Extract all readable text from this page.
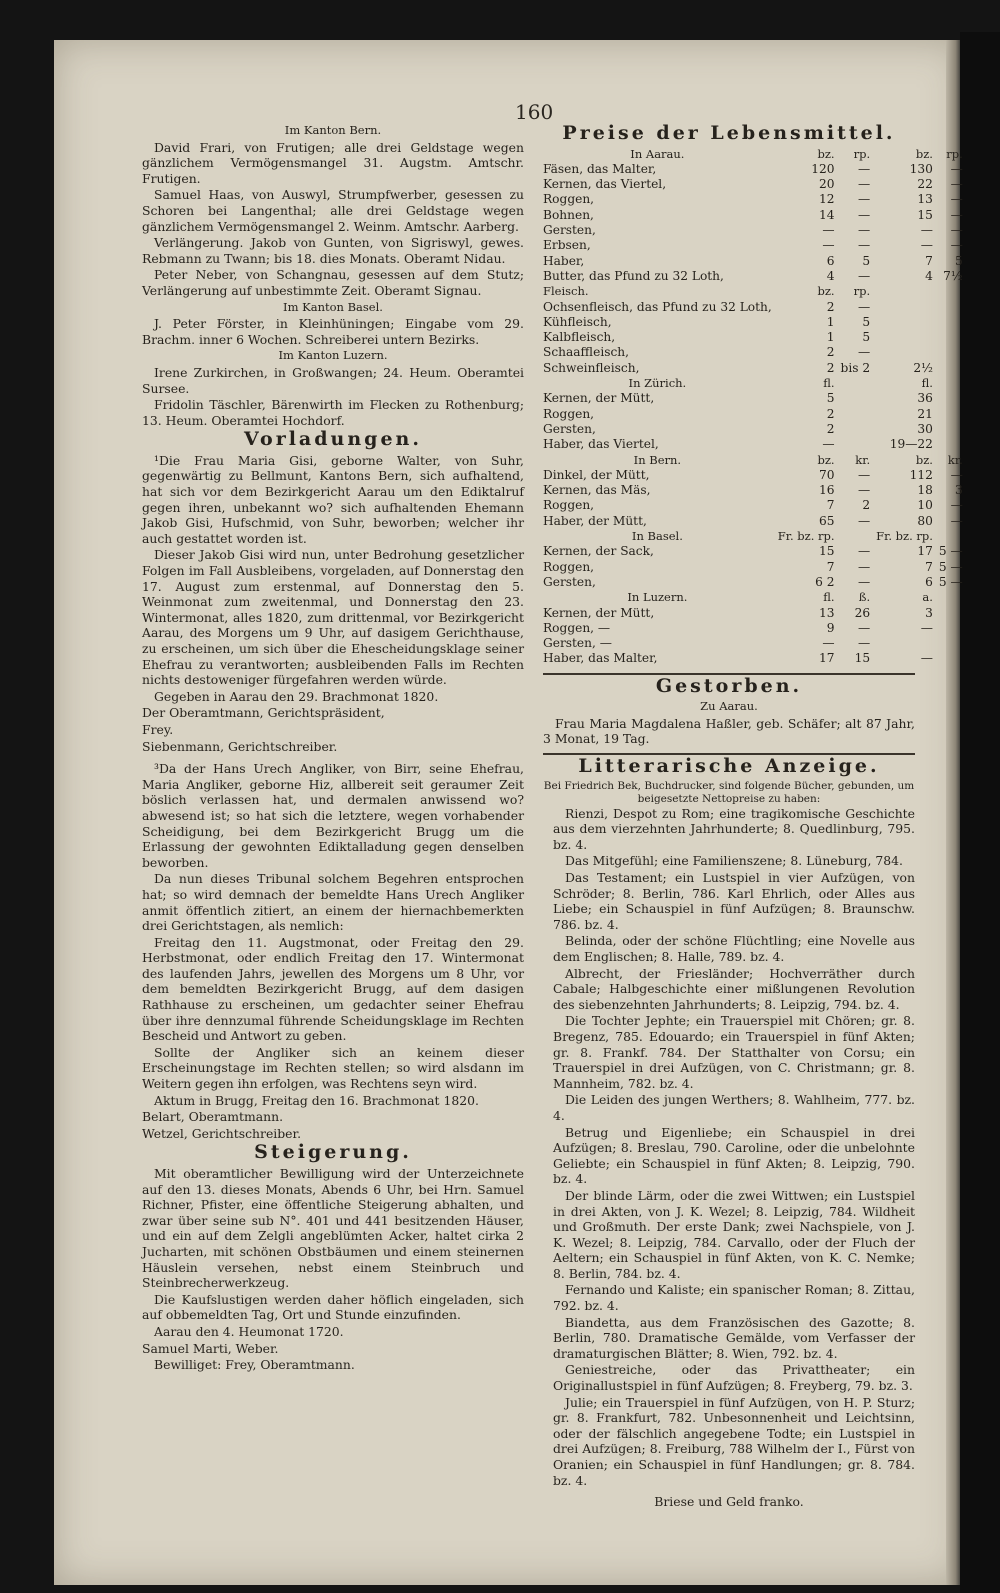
160
Im Kanton Bern.

David Frari, von Frutigen; alle drei Geldstage wegen gänzlichem Vermögensmangel 31. Augstm. Amtschr. Frutigen.

Samuel Haas, von Auswyl, Strumpfwerber, gesessen zu Schoren bei Langenthal; alle drei Geldstage wegen gänzlichem Vermögensmangel 2. Weinm. Amtschr. Aarberg.

Verlängerung. Jakob von Gunten, von Sigriswyl, gewes. Rebmann zu Twann; bis 18. dies Monats. Oberamt Nidau.

Peter Neber, von Schangnau, gesessen auf dem Stutz; Verlängerung auf unbestimmte Zeit. Oberamt Signau.

Im Kanton Basel.

J. Peter Förster, in Kleinhüningen; Eingabe vom 29. Brachm. inner 6 Wochen. Schreiberei untern Bezirks.

Im Kanton Luzern.

Irene Zurkirchen, in Großwangen; 24. Heum. Oberamtei Sursee.

Fridolin Täschler, Bärenwirth im Flecken zu Rothenburg; 13. Heum. Oberamtei Hochdorf.

Vorladungen.

¹Die Frau Maria Gisi, geborne Walter, von Suhr, gegenwärtig zu Bellmunt, Kantons Bern, sich aufhaltend, hat sich vor dem Bezirkgericht Aarau um den Ediktalruf gegen ihren, unbekannt wo? sich aufhaltenden Ehemann Jakob Gisi, Hufschmid, von Suhr, beworben; welcher ihr auch gestattet worden ist.

Dieser Jakob Gisi wird nun, unter Bedrohung gesetzlicher Folgen im Fall Ausbleibens, vorgeladen, auf Donnerstag den 17. August zum erstenmal, auf Donnerstag den 5. Weinmonat zum zweitenmal, und Donnerstag den 23. Wintermonat, alles 1820, zum drittenmal, vor Bezirkgericht Aarau, des Morgens um 9 Uhr, auf dasigem Gerichthause, zu erscheinen, um sich über die Ehescheidungsklage seiner Ehefrau zu verantworten; ausbleibenden Falls im Rechten nichts destoweniger fürgefahren werden würde.

Gegeben in Aarau den 29. Brachmonat 1820.

Der Oberamtmann, Gerichtspräsident,

Frey.

Siebenmann, Gerichtschreiber.

³Da der Hans Urech Angliker, von Birr, seine Ehefrau, Maria Angliker, geborne Hiz, allbereit seit geraumer Zeit böslich verlassen hat, und dermalen anwissend wo? abwesend ist; so hat sich die letztere, wegen vorhabender Scheidigung, bei dem Bezirkgericht Brugg um die Erlassung der gewohnten Ediktalladung gegen denselben beworben.

Da nun dieses Tribunal solchem Begehren entsprochen hat; so wird demnach der bemeldte Hans Urech Angliker anmit öffentlich zitiert, an einem der hiernachbemerkten drei Gerichtstagen, als nemlich:

Freitag den 11. Augstmonat, oder Freitag den 29. Herbstmonat, oder endlich Freitag den 17. Wintermonat des laufenden Jahrs, jewellen des Morgens um 8 Uhr, vor dem bemeldten Bezirkgericht Brugg, auf dem dasigen Rathhause zu erscheinen, um gedachter seiner Ehefrau über ihre dennzumal führende Scheidungsklage im Rechten Bescheid und Antwort zu geben.

Sollte der Angliker sich an keinem dieser Erscheinungstage im Rechten stellen; so wird alsdann im Weitern gegen ihn erfolgen, was Rechtens seyn wird.

Aktum in Brugg, Freitag den 16. Brachmonat 1820.

Belart, Oberamtmann.

Wetzel, Gerichtschreiber.

Steigerung.

Mit oberamtlicher Bewilligung wird der Unterzeichnete auf den 13. dieses Monats, Abends 6 Uhr, bei Hrn. Samuel Richner, Pfister, eine öffentliche Steigerung abhalten, und zwar über seine sub N°. 401 und 441 besitzenden Häuser, und ein auf dem Zelgli angeblümten Acker, haltet cirka 2 Jucharten, mit schönen Obstbäumen und einem steinernen Häuslein versehen, nebst einem Steinbruch und Steinbrecherwerkzeug.

Die Kaufslustigen werden daher höflich eingeladen, sich auf obbemeldten Tag, Ort und Stunde einzufinden.

Aarau den 4. Heumonat 1720.

Samuel Marti, Weber.

Bewilliget: Frey, Oberamtmann.

Preise der Lebensmittel.
In Aarau.	bz.	rp.	bz.	rp.
Fäsen, das Malter,	120	—	130	—
Kernen, das Viertel,	20	—	22	—
Roggen,	12	—	13	—
Bohnen,	14	—	15	—
Gersten,	—	—	—	—
Erbsen,	—	—	—	—
Haber,	6	5	7	5
Butter, das Pfund zu 32 Loth,	4	—	4	7½
Fleisch.	bz.	rp.		
Ochsenfleisch, das Pfund zu 32 Loth,	2	—		
Kühfleisch,	1	5		
Kalbfleisch,	1	5		
Schaaffleisch,	2	—		
Schweinfleisch,	2	bis 2	2½	
In Zürich.	fl.		fl.	
Kernen, der Mütt,	5		36	
Roggen,	2		21	
Gersten,	2		30	
Haber, das Viertel,	—		19—22	
In Bern.	bz.	kr.	bz.	kr.
Dinkel, der Mütt,	70	—	112	—
Kernen, das Mäs,	16	—	18	3
Roggen,	7	2	10	—
Haber, der Mütt,	65	—	80	—
In Basel.	Fr. bz. rp.		Fr. bz. rp.	
Kernen, der Sack,	15	—	17	5 —
Roggen,	7	—	7	5 —
Gersten,	6 2	—	6	5 —
In Luzern.	fl.	ß.	a.	
Kernen, der Mütt,	13	26	3	
Roggen, —	9	—	—	
Gersten, —	—	—		
Haber, das Malter,	17	15	—	
Gestorben.
Zu Aarau.

Frau Maria Magdalena Haßler, geb. Schäfer; alt 87 Jahr, 3 Monat, 19 Tag.

Litterarische Anzeige.
Bei Friedrich Bek, Buchdrucker, sind folgende Bücher, gebunden, um beigesetzte Nettopreise zu haben:

Rienzi, Despot zu Rom; eine tragikomische Geschichte aus dem vierzehnten Jahrhunderte; 8. Quedlinburg, 795. bz. 4.

Das Mitgefühl; eine Familienszene; 8. Lüneburg, 784.

Das Testament; ein Lustspiel in vier Aufzügen, von Schröder; 8. Berlin, 786. Karl Ehrlich, oder Alles aus Liebe; ein Schauspiel in fünf Aufzügen; 8. Braunschw. 786. bz. 4.

Belinda, oder der schöne Flüchtling; eine Novelle aus dem Englischen; 8. Halle, 789. bz. 4.

Albrecht, der Friesländer; Hochverräther durch Cabale; Halbgeschichte einer mißlungenen Revolution des siebenzehnten Jahrhunderts; 8. Leipzig, 794. bz. 4.

Die Tochter Jephte; ein Trauerspiel mit Chören; gr. 8. Bregenz, 785. Edouardo; ein Trauerspiel in fünf Akten; gr. 8. Frankf. 784. Der Statthalter von Corsu; ein Trauerspiel in drei Aufzügen, von C. Christmann; gr. 8. Mannheim, 782. bz. 4.

Die Leiden des jungen Werthers; 8. Wahlheim, 777. bz. 4.

Betrug und Eigenliebe; ein Schauspiel in drei Aufzügen; 8. Breslau, 790. Caroline, oder die unbelohnte Geliebte; ein Schauspiel in fünf Akten; 8. Leipzig, 790. bz. 4.

Der blinde Lärm, oder die zwei Wittwen; ein Lustspiel in drei Akten, von J. K. Wezel; 8. Leipzig, 784. Wildheit und Großmuth. Der erste Dank; zwei Nachspiele, von J. K. Wezel; 8. Leipzig, 784. Carvallo, oder der Fluch der Aeltern; ein Schauspiel in fünf Akten, von K. C. Nemke; 8. Berlin, 784. bz. 4.

Fernando und Kaliste; ein spanischer Roman; 8. Zittau, 792. bz. 4.

Biandetta, aus dem Französischen des Gazotte; 8. Berlin, 780. Dramatische Gemälde, vom Verfasser der dramaturgischen Blätter; 8. Wien, 792. bz. 4.

Geniestreiche, oder das Privattheater; ein Originallustspiel in fünf Aufzügen; 8. Freyberg, 79. bz. 3.

Julie; ein Trauerspiel in fünf Aufzügen, von H. P. Sturz; gr. 8. Frankfurt, 782. Unbesonnenheit und Leichtsinn, oder der fälschlich angegebene Todte; ein Lustspiel in drei Aufzügen; 8. Freiburg, 788 Wilhelm der I., Fürst von Oranien; ein Schauspiel in fünf Handlungen; gr. 8. 784. bz. 4.

Briese und Geld franko.
